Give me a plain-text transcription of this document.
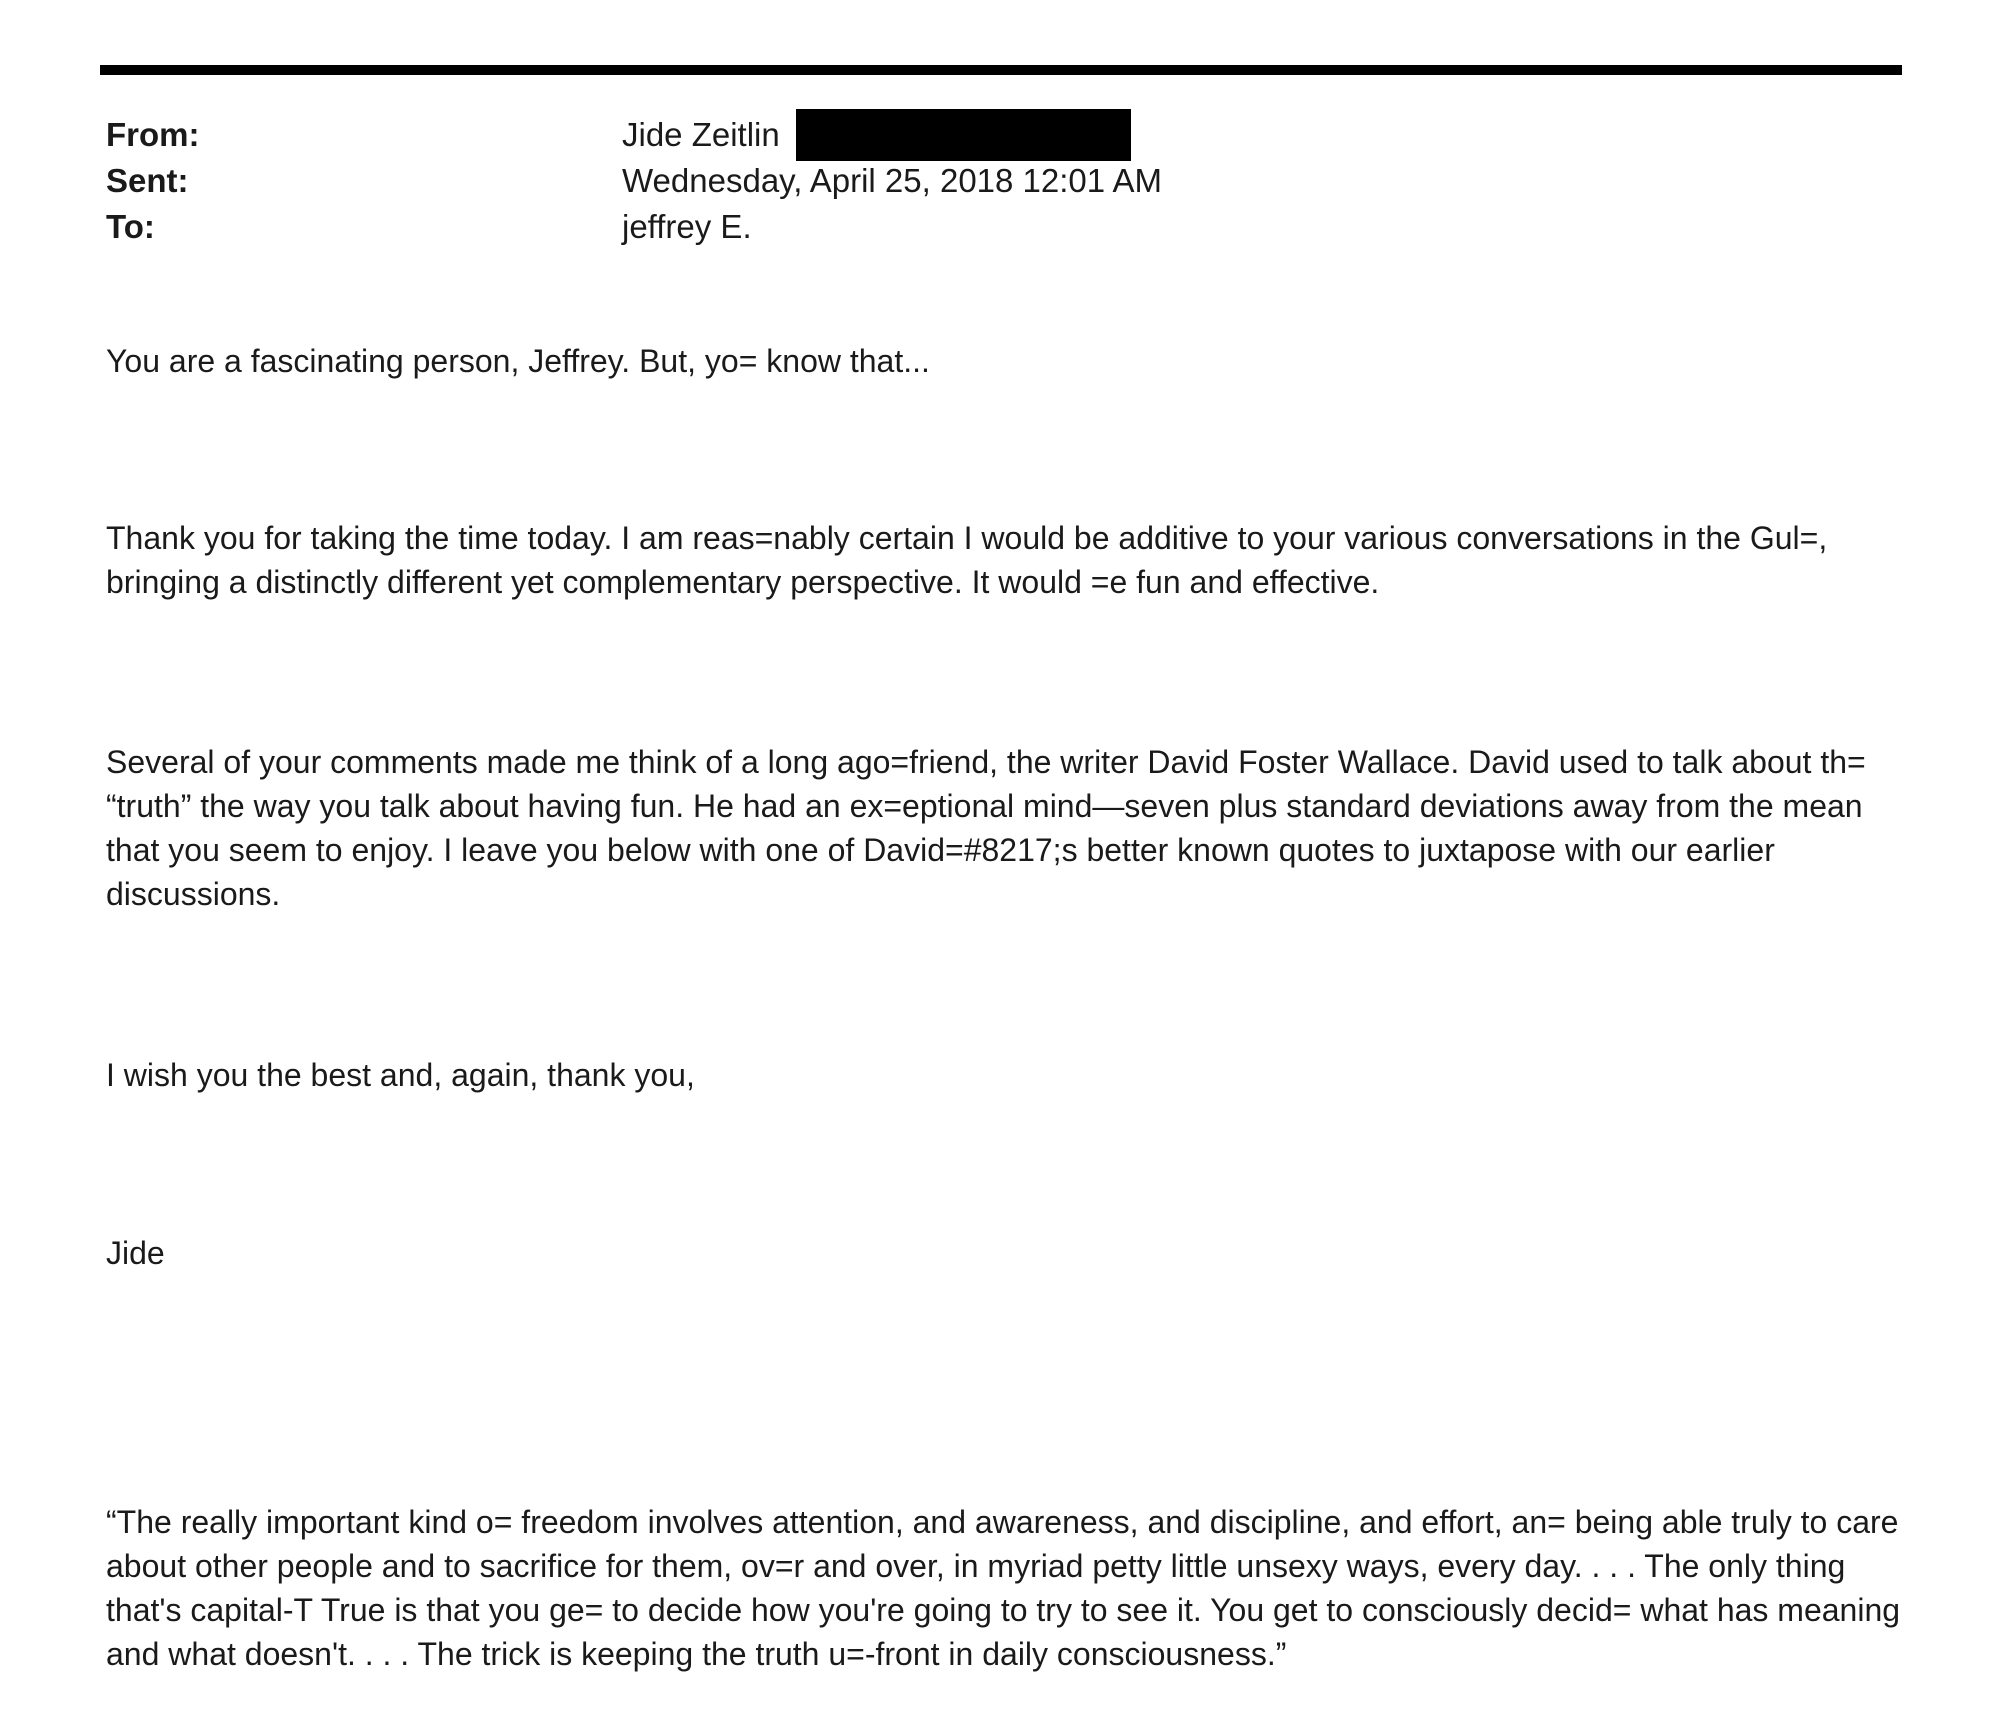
From:	Jide Zeitlin
Sent:	Wednesday, April 25, 2018 12:01 AM
To:	jeffrey E.

You are a fascinating person, Jeffrey. But, yo= know that...

Thank you for taking the time today. I am reas=nably certain I would be additive to your various conversations in the Gul=, bringing a distinctly different yet complementary perspective. It would =e fun and effective.

Several of your comments made me think of a long ago=friend, the writer David Foster Wallace. David used to talk about th= “truth” the way you talk about having fun. He had an ex=eptional mind—seven plus standard deviations away from the mean that you seem to enjoy. I leave you below with one of David=#8217;s better known quotes to juxtapose with our earlier discussions.

I wish you the best and, again, thank you,

Jide

“The really important kind o= freedom involves attention, and awareness, and discipline, and effort, an= being able truly to care about other people and to sacrifice for them, ov=r and over, in myriad petty little unsexy ways, every day. . . . The only thing that's capital-T True is that you ge= to decide how you're going to try to see it. You get to consciously decid= what has meaning and what doesn't. . . . The trick is keeping the truth u=-front in daily consciousness.”
